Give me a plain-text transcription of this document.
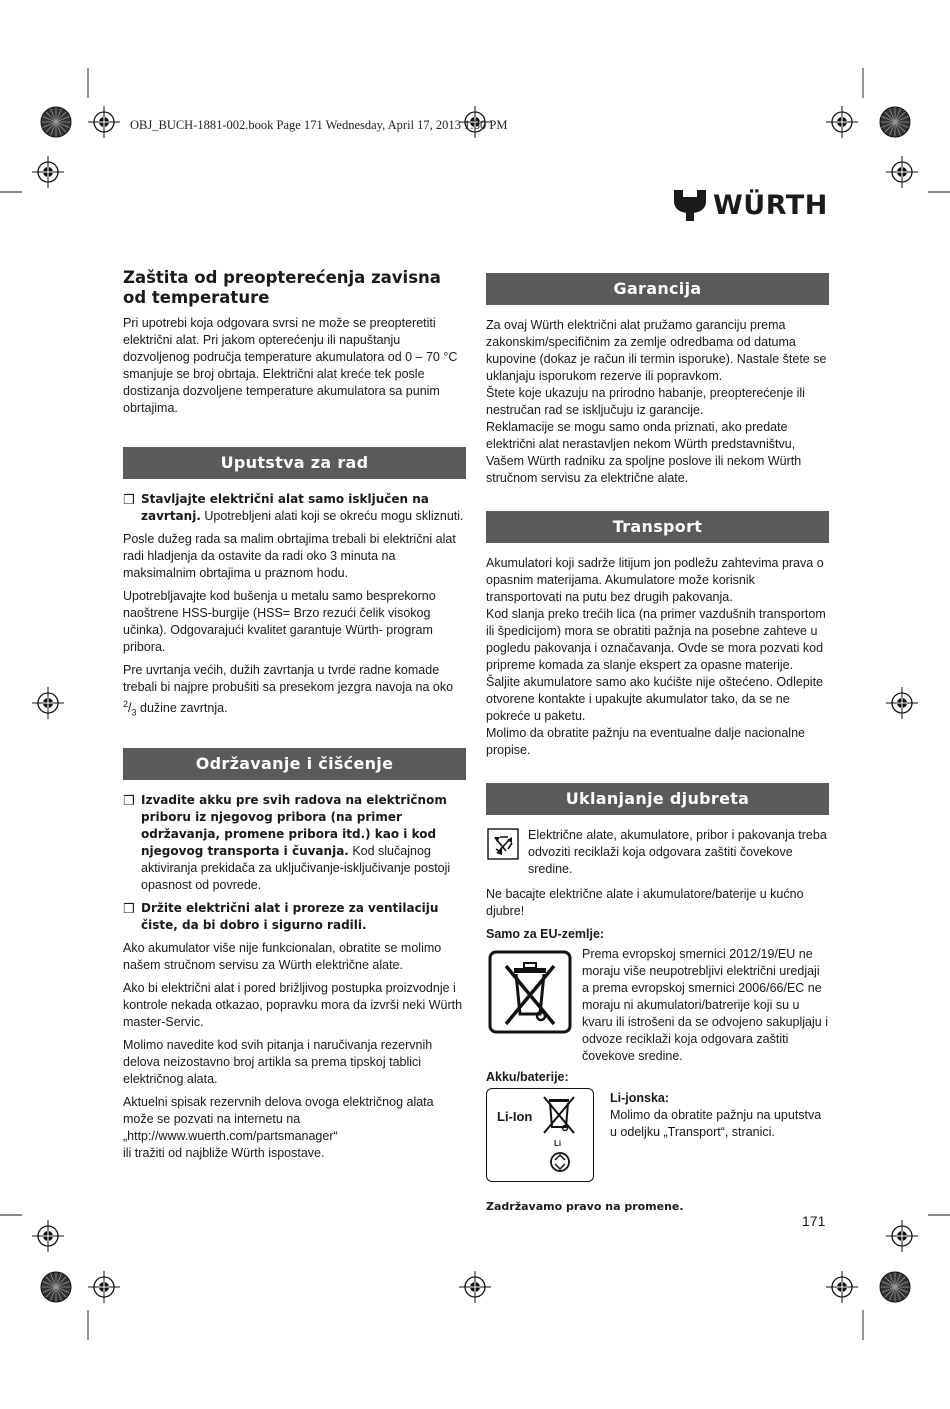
OBJ_BUCH-1881-002.book Page 171 Wednesday, April 17, 2013 1:30 PM
WÜRTH
Zaštita od preopterećenja zavisna od temperature

Pri upotrebi koja odgovara svrsi ne može se preopteretiti električni alat. Pri jakom opterećenju ili napuštanju dozvoljenog područja temperature akumulatora od 0 – 70 °C smanjuje se broj obrtaja. Električni alat kreće tek posle dostizanja dozvoljene temperature akumulatora sa punim obrtajima.

Uputstva za rad
❒ Stavljajte električni alat samo isključen na zavrtanj. Upotrebljeni alati koji se okreću mogu skliznuti.

Posle dužeg rada sa malim obrtajima trebali bi električni alat radi hladjenja da ostavite da radi oko 3 minuta na maksimalnim obrtajima u praznom hodu.

Upotrebljavajte kod bušenja u metalu samo besprekorno naoštrene HSS-burgije (HSS= Brzo rezući čelik visokog učinka). Odgovarajući kvalitet garantuje Würth- program pribora.

Pre uvrtanja većih, dužih zavrtanja u tvrde radne komade trebali bi najpre probušiti sa presekom jezgra navoja na oko $^2/_3$ dužine zavrtnja.

Održavanje i čišćenje
❒ Izvadite akku pre svih radova na električnom priboru iz njegovog pribora (na primer održavanja, promene pribora itd.) kao i kod njegovog transporta i čuvanja. Kod slučajnog aktiviranja prekidača za uključivanje-isključivanje postoji opasnost od povrede.
❒ Držite električni alat i proreze za ventilaciju čiste, da bi dobro i sigurno radili.

Ako akumulator više nije funkcionalan, obratite se molimo našem stručnom servisu za Würth električne alate.

Ako bi električni alat i pored brižljivog postupka proizvodnje i kontrole nekada otkazao, popravku mora da izvrši neki Würth master-Servic.

Molimo navedite kod svih pitanja i naručivanja rezervnih delova neizostavno broj artikla sa prema tipskoj tablici električnog alata.

Aktuelni spisak rezervnih delova ovoga električnog alata može se pozvati na internetu na

„http://www.wuerth.com/partsmanager“

ili tražiti od najbliže Würth ispostave.

Garancija

Za ovaj Würth električni alat pružamo garanciju prema zakonskim/specifičnim za zemlje odredbama od datuma kupovine (dokaz je račun ili termin isporuke). Nastale štete se uklanjaju isporukom rezerve ili popravkom.

Štete koje ukazuju na prirodno habanje, preopterećenje ili nestručan rad se isključuju iz garancije.

Reklamacije se mogu samo onda priznati, ako predate električni alat nerastavljen nekom Würth predstavništvu, Vašem Würth radniku za spoljne poslove ili nekom Würth stručnom servisu za električne alate.

Transport

Akumulatori koji sadrže litijum jon podležu zahtevima prava o opasnim materijama. Akumulatore može korisnik transportovati na putu bez drugih pakovanja.

Kod slanja preko trećih lica (na primer vazdušnih transportom ili špedicijom) mora se obratiti pažnja na posebne zahteve u pogledu pakovanja i označavanja. Ovde se mora pozvati kod pripreme komada za slanje ekspert za opasne materije.

Šaljite akumulatore samo ako kućište nije oštećeno. Odlepite otvorene kontakte i upakujte akumulator tako, da se ne pokreće u paketu.

Molimo da obratite pažnju na eventualne dalje nacionalne propise.

Uklanjanje djubreta

Električne alate, akumulatore, pribor i pakovanja treba odvoziti reciklaži koja odgovara zaštiti čovekove sredine.

Ne bacajte električne alate i akumulatore/baterije u kućno djubre!

Samo za EU-zemlje:

Prema evropskoj smernici 2012/19/EU ne moraju više neupotrebljivi električni uredjaji a prema evropskoj smernici 2006/66/EC ne moraju ni akumulatori/batrerije koji su u kvaru ili istrošeni da se odvojeno sakupljaju i odvoze reciklaži koja odgovara zaštiti čovekove sredine.

Akku/baterije:

Li-Ion
Li

Li-jonska:

Molimo da obratite pažnju na uputstva u odeljku „Transport“, stranici.

Zadržavamo pravo na promene.

171
